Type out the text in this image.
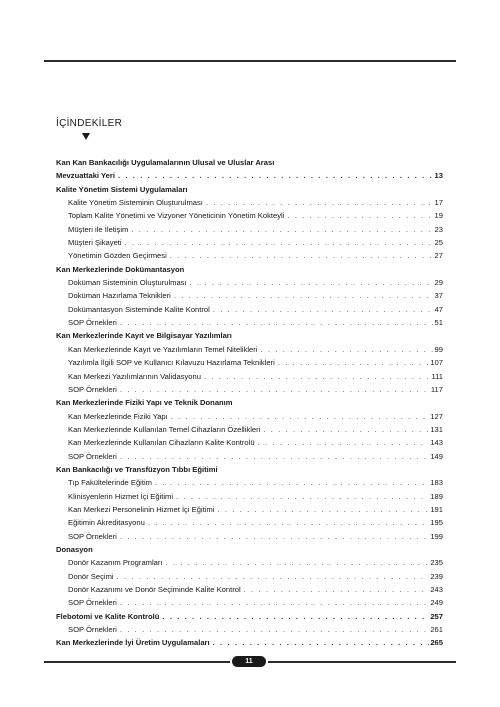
İÇİNDEKİLER
Kan Kan Bankacılığı Uygulamalarının Ulusal ve Uluslar Arası
Mevzuattaki Yeri . . .	13
Kalite Yönetim Sistemi Uygulamaları
Kalite Yönetim Sisteminin Oluşturulması . . .	17
Toplam Kalite Yönetimi ve Vizyoner Yöneticinin Yönetim Kokteyli . . .	19
Müşteri ile İletişim . . .	23
Müşteri Şikayeti . . .	25
Yönetimin Gözden Geçirmesi . . .	27
Kan Merkezlerinde Dokümantasyon
Doküman Sisteminin Oluşturulması . . .	29
Doküman Hazırlama Teknikleri . . .	37
Dokümantasyon Sisteminde Kalite Kontrol . . .	47
SOP Örnekleri . . .	51
Kan Merkezlerinde Kayıt ve Bilgisayar Yazılımları
Kan Merkezlerinde Kayıt ve Yazılımların Temel Nitelikleri . . .	99
Yazılımla İlgili SOP ve Kullanıcı Kılavuzu Hazırlama Teknikleri . . .	107
Kan Merkezi Yazılımlarının Validasyonu . . .	111
SOP Örnekleri . . .	117
Kan Merkezlerinde Fiziki Yapı ve Teknik Donanım
Kan Merkezlerinde Fiziki Yapı . . .	127
Kan Merkezlerinde Kullanılan Temel Cihazların Özellikleri . . .	131
Kan Merkezlerinde Kullanılan Cihazların Kalite Kontrolü . . .	143
SOP Örnekleri . . .	149
Kan Bankacılığı ve Transfüzyon Tıbbı Eğitimi
Tıp Fakültelerinde Eğitim . . .	183
Klinisyenlerin Hizmet İçi Eğitimi . . .	189
Kan Merkezi Personelinin Hizmet İçi Eğitimi . . .	191
Eğitimin Akreditasyonu . . .	195
SOP Örnekleri . . .	199
Donasyon
Donör Kazanım Programları . . .	235
Donör Seçimi . . .	239
Donör Kazanımı ve Donör Seçiminde Kalite Kontrol . . .	243
SOP Örnekleri . . .	249
Flebotomi ve Kalite Kontrolü . . .	257
SOP Örnekleri . . .	261
Kan Merkezlerinde İyi Üretim Uygulamaları . . .	265
11
